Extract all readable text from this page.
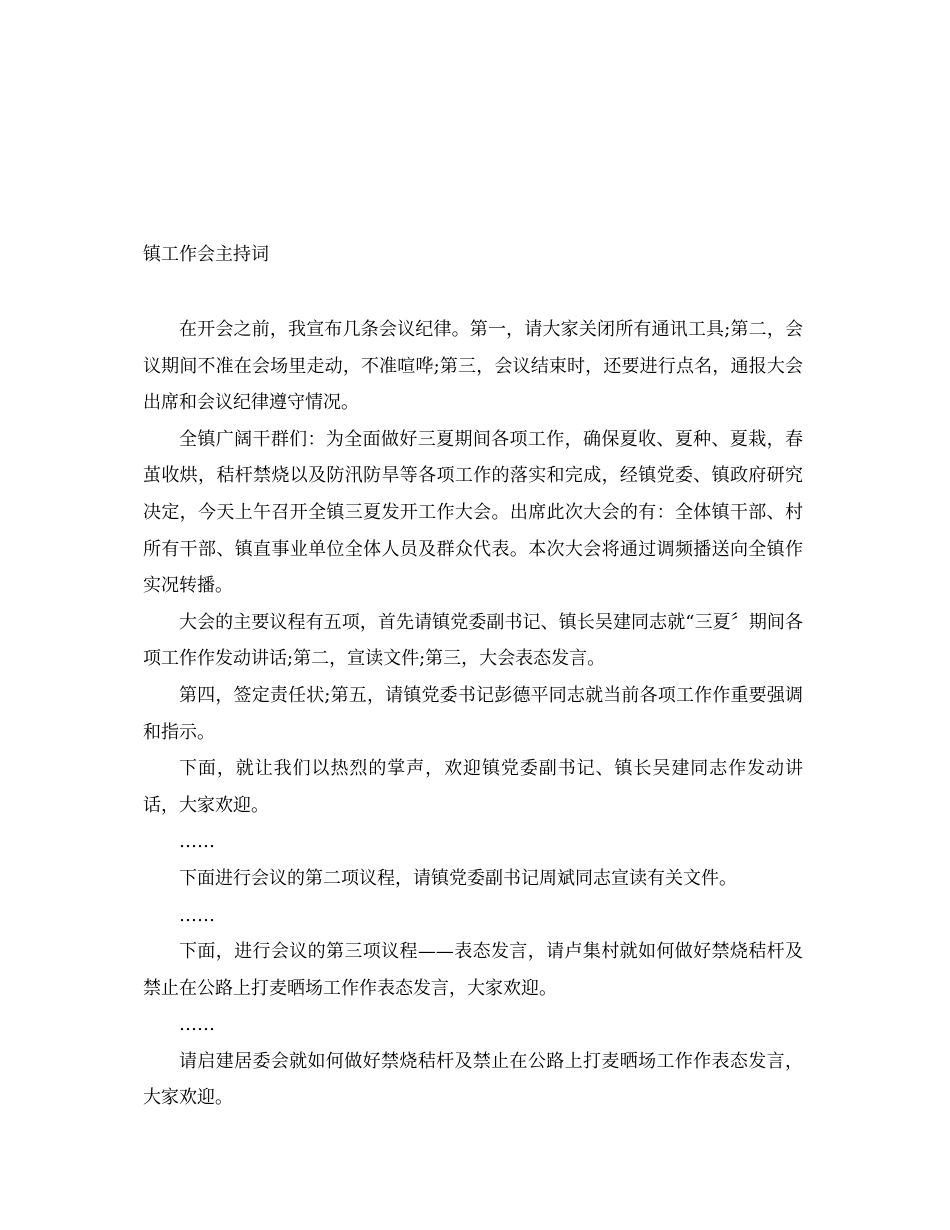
镇工作会主持词

在开会之前，我宣布几条会议纪律。第一，请大家关闭所有通讯工具;第二，会议期间不准在会场里走动，不准喧哗;第三，会议结束时，还要进行点名，通报大会出席和会议纪律遵守情况。

全镇广阔干群们：为全面做好三夏期间各项工作，确保夏收、夏种、夏栽，春茧收烘，秸杆禁烧以及防汛防旱等各项工作的落实和完成，经镇党委、镇政府研究决定，今天上午召开全镇三夏发开工作大会。出席此次大会的有：全体镇干部、村所有干部、镇直事业单位全体人员及群众代表。本次大会将通过调频播送向全镇作实况转播。

大会的主要议程有五项，首先请镇党委副书记、镇长吴建同志就“三夏〞期间各项工作作发动讲话;第二，宣读文件;第三，大会表态发言。

第四，签定责任状;第五，请镇党委书记彭德平同志就当前各项工作作重要强调和指示。

下面，就让我们以热烈的掌声，欢迎镇党委副书记、镇长吴建同志作发动讲话，大家欢迎。

……

下面进行会议的第二项议程，请镇党委副书记周斌同志宣读有关文件。

……

下面，进行会议的第三项议程——表态发言，请卢集村就如何做好禁烧秸杆及禁止在公路上打麦晒场工作作表态发言，大家欢迎。

……

请启建居委会就如何做好禁烧秸杆及禁止在公路上打麦晒场工作作表态发言，大家欢迎。
